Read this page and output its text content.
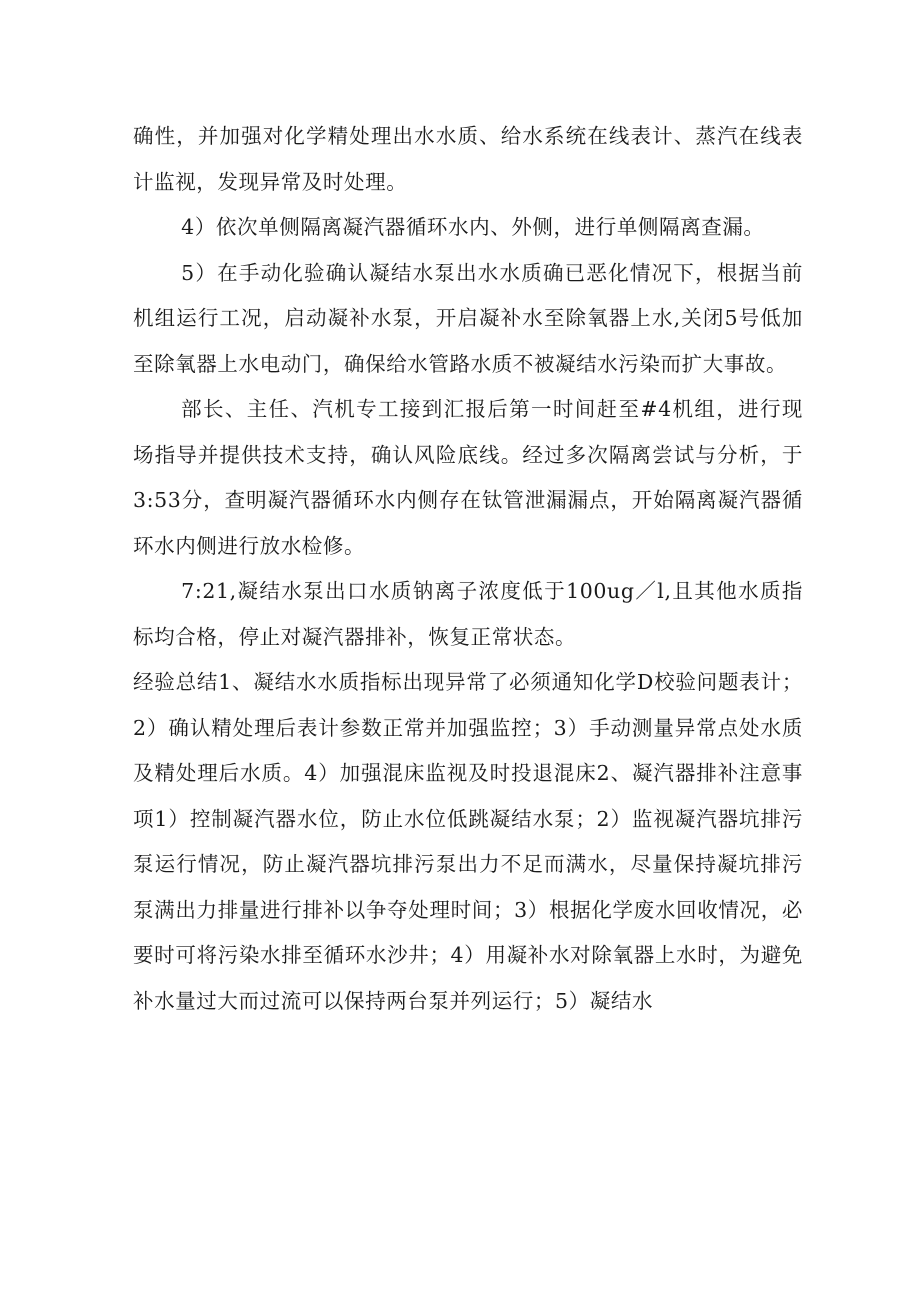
确性，并加强对化学精处理出水水质、给水系统在线表计、蒸汽在线表计监视，发现异常及时处理。

4）依次单侧隔离凝汽器循环水内、外侧，进行单侧隔离查漏。

5）在手动化验确认凝结水泵出水水质确已恶化情况下，根据当前机组运行工况，启动凝补水泵，开启凝补水至除氧器上水,关闭5号低加至除氧器上水电动门，确保给水管路水质不被凝结水污染而扩大事故。

部长、主任、汽机专工接到汇报后第一时间赶至#4机组，进行现场指导并提供技术支持，确认风险底线。经过多次隔离尝试与分析，于3:53分，查明凝汽器循环水内侧存在钛管泄漏漏点，开始隔离凝汽器循环水内侧进行放水检修。

7:21,凝结水泵出口水质钠离子浓度低于100ug／l,且其他水质指标均合格，停止对凝汽器排补，恢复正常状态。

经验总结1、凝结水水质指标出现异常了必须通知化学D校验问题表计；2）确认精处理后表计参数正常并加强监控；3）手动测量异常点处水质及精处理后水质。4）加强混床监视及时投退混床2、凝汽器排补注意事项1）控制凝汽器水位，防止水位低跳凝结水泵；2）监视凝汽器坑排污泵运行情况，防止凝汽器坑排污泵出力不足而满水，尽量保持凝坑排污泵满出力排量进行排补以争夺处理时间；3）根据化学废水回收情况，必要时可将污染水排至循环水沙井；4）用凝补水对除氧器上水时，为避免补水量过大而过流可以保持两台泵并列运行；5）凝结水
